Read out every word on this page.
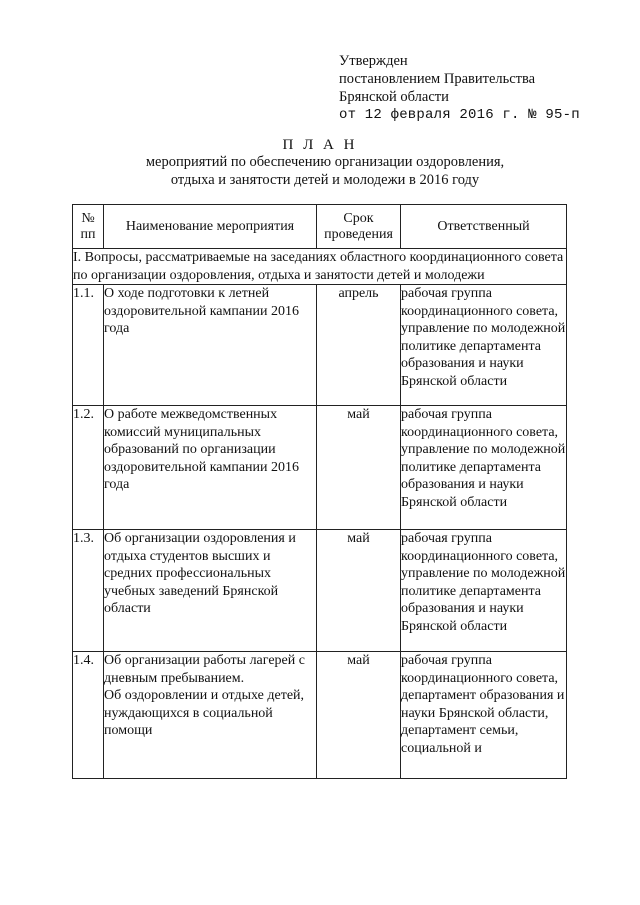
Утвержден
постановлением Правительства
Брянской области
от 12 февраля 2016 г. № 95-п
П Л А Н
мероприятий по обеспечению организации оздоровления,
отдыха и занятости детей и молодежи в 2016 году
№ пп	Наименование мероприятия	Срок проведения	Ответственный
I. Вопросы, рассматриваемые на заседаниях областного координационного совета по организации оздоровления, отдыха и занятости детей и молодежи			
1.1.	О ходе подготовки к летней оздоровительной кампании 2016 года	апрель	рабочая группа координационного совета, управление по молодежной политике департамента образования и науки Брянской области
1.2.	О работе межведомственных комиссий муниципальных образований по организации оздоровительной кампании 2016 года	май	рабочая группа координационного совета, управление по молодежной политике департамента образования и науки Брянской области
1.3.	Об организации оздоровления и отдыха студентов высших и средних профессиональных учебных заведений Брянской области	май	рабочая группа координационного совета, управление по молодежной политике департамента образования и науки Брянской области
1.4.	Об организации работы лагерей с дневным пребыванием.
Об оздоровлении и отдыхе детей, нуждающихся в социальной помощи	май	рабочая группа координационного совета, департамент образования и науки Брянской области, департамент семьи, социальной и
